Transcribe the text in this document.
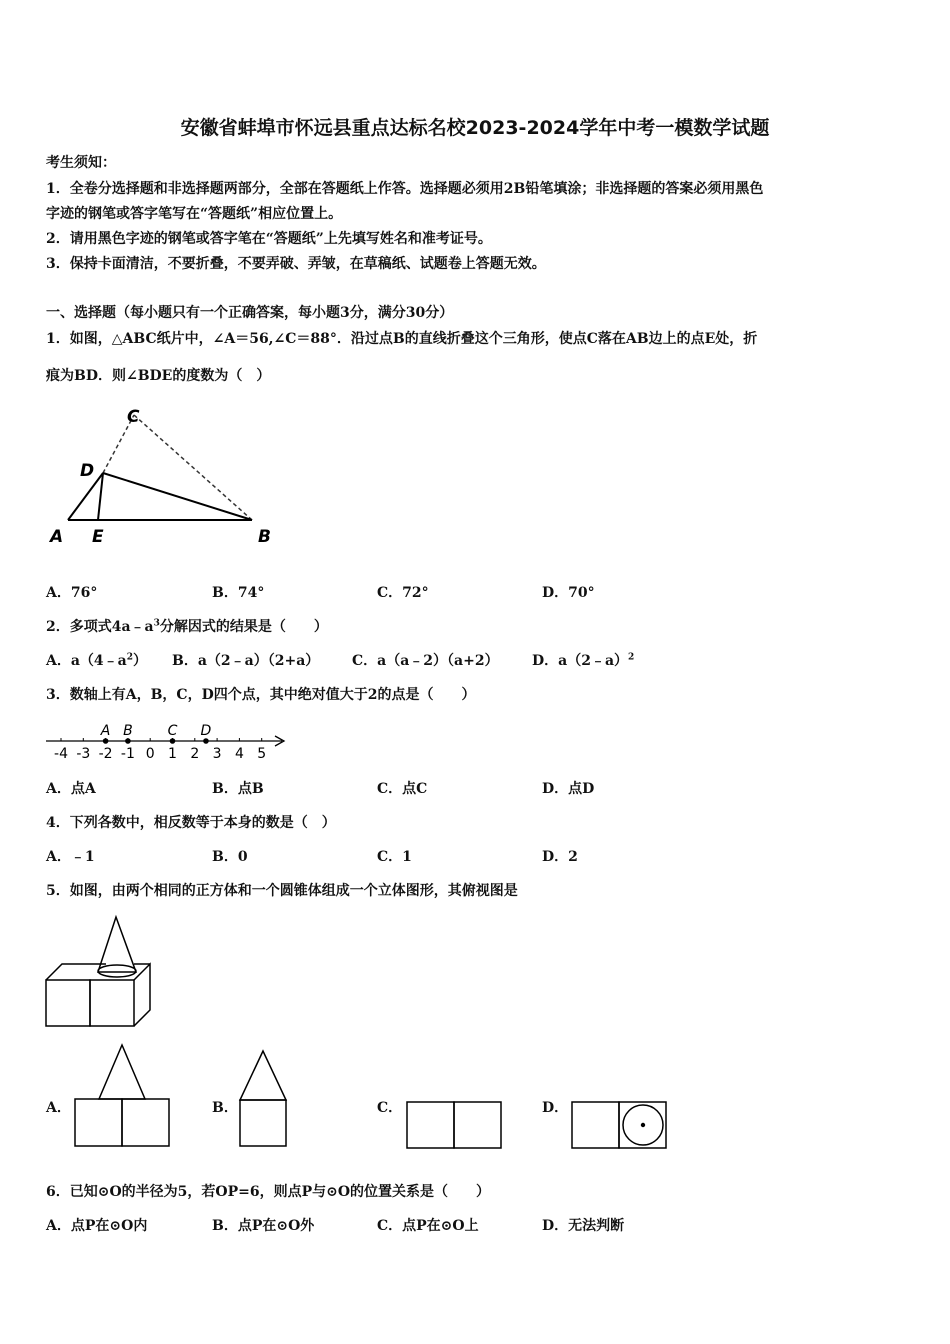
安徽省蚌埠市怀远县重点达标名校2023-2024学年中考一模数学试题
考生须知：
1．全卷分选择题和非选择题两部分，全部在答题纸上作答。选择题必须用2B铅笔填涂；非选择题的答案必须用黑色
字迹的钢笔或答字笔写在“答题纸”相应位置上。
2．请用黑色字迹的钢笔或答字笔在“答题纸”上先填写姓名和准考证号。
3．保持卡面清洁，不要折叠，不要弄破、弄皱，在草稿纸、试题卷上答题无效。
一、选择题（每小题只有一个正确答案，每小题3分，满分30分）
1．如图，△ABC纸片中，∠A＝56,∠C＝88°．沿过点B的直线折叠这个三角形，使点C落在AB边上的点E处，折
痕为BD．则∠BDE的度数为（　）
C
D
A E	B
A．76°	B．74°	C．72°	D．70°
2．多项式$4a﹣a^3$分解因式的结果是（　　）
A．$a(4﹣a^2)$ B．a（2﹣a）（2+a） C．a（a﹣2）（a+2） D．a（2﹣a）$^2$
3．数轴上有A，B，C，D四个点，其中绝对值大于2的点是（　　）
-4 -3 -2 -1 0 1 2 3 4 5
A B C D
A．点A	B．点B	C．点C	D．点D
4．下列各数中，相反数等于本身的数是（　）
A．﹣1	B．0	C．1	D．2
5．如图，由两个相同的正方体和一个圆锥体组成一个立体图形，其俯视图是
A．	B．	C．	D．
6．已知⊙O的半径为5，若OP=6，则点P与⊙O的位置关系是（　　）
A．点P在⊙O内	B．点P在⊙O外	C．点P在⊙O上	D．无法判断
